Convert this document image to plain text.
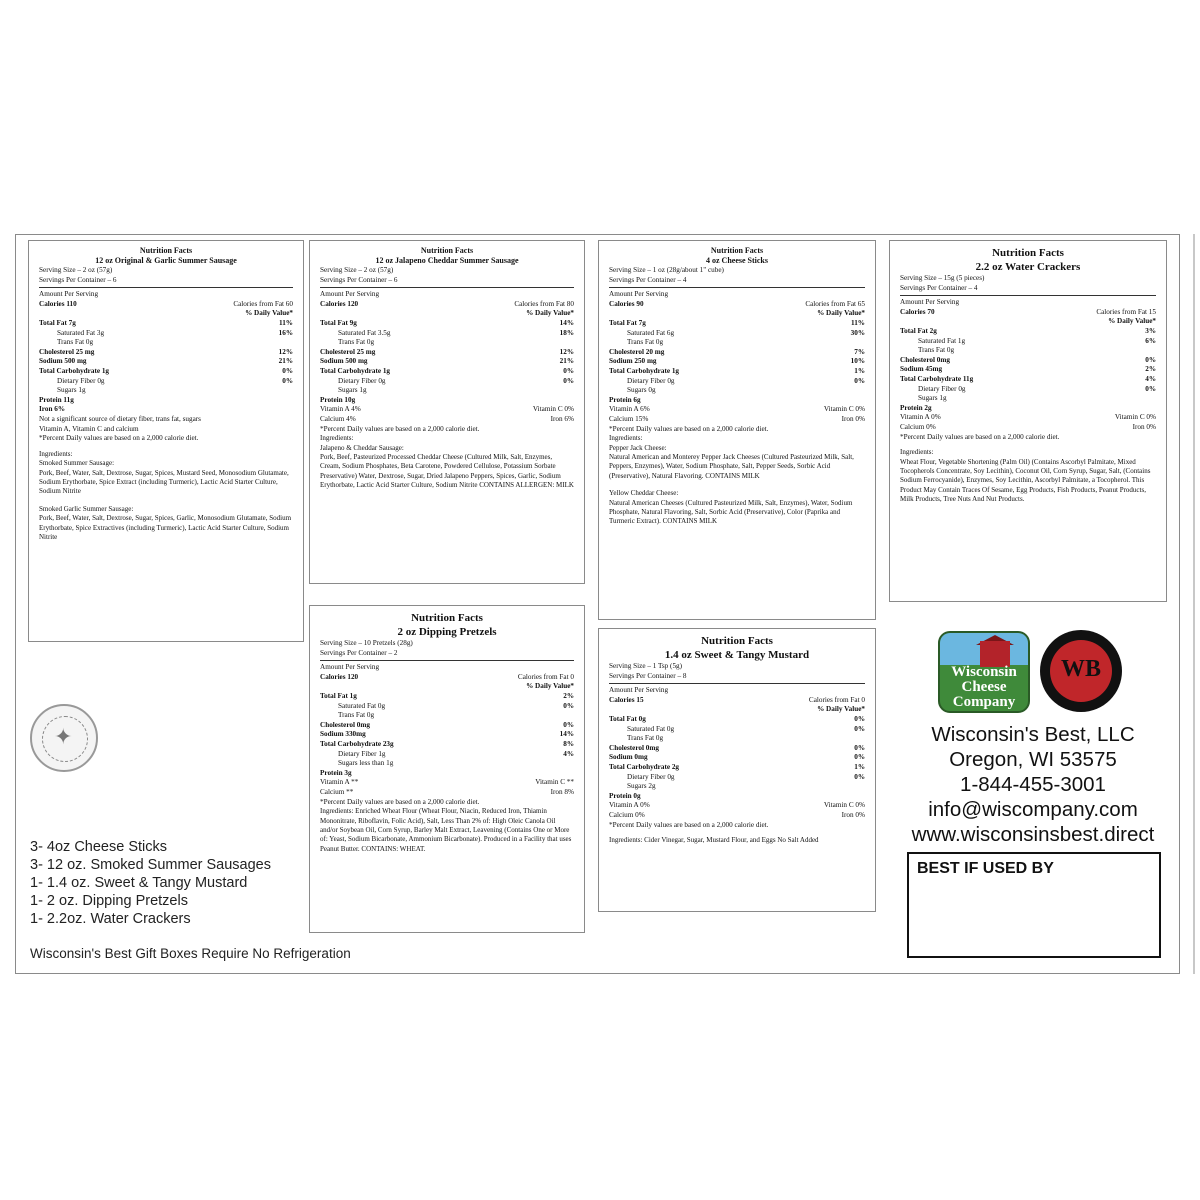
Nutrition Facts
12 oz Original & Garlic Summer Sausage
Serving Size – 2 oz (57g)
Servings Per Container – 6
Amount Per Serving
Calories 110	Calories from Fat 60
% Daily Value*
Total Fat 7g	11%
Saturated Fat 3g	16%
Trans Fat 0g
Cholesterol 25 mg	12%
Sodium 500 mg	21%
Total Carbohydrate 1g	0%
Dietary Fiber 0g	0%
Sugars 1g
Protein 11g
Iron 6%
Not a significant source of dietary fiber, trans fat, sugars
Vitamin A, Vitamin C and calcium
*Percent Daily values are based on a 2,000 calorie diet.

Ingredients:

Smoked Summer Sausage:

Pork, Beef, Water, Salt, Dextrose, Sugar, Spices, Mustard Seed, Monosodium Glutamate, Sodium Erythorbate, Spice Extract (including Turmeric), Lactic Acid Starter Culture, Sodium Nitrite

Smoked Garlic Summer Sausage:

Pork, Beef, Water, Salt, Dextrose, Sugar, Spices, Garlic, Monosodium Glutamate, Sodium Erythorbate, Spice Extractives (including Turmeric), Lactic Acid Starter Culture, Sodium Nitrite

Nutrition Facts
12 oz Jalapeno Cheddar Summer Sausage
Serving Size – 2 oz (57g)
Servings Per Container – 6
Amount Per Serving
Calories 120	Calories from Fat 80
% Daily Value*
Total Fat 9g	14%
Saturated Fat 3.5g	18%
Trans Fat 0g
Cholesterol 25 mg	12%
Sodium 500 mg	21%
Total Carbohydrate 1g	0%
Dietary Fiber 0g	0%
Sugars 1g
Protein 10g
Vitamin A 4%	Vitamin C 0%
Calcium 4%	Iron 6%
*Percent Daily values are based on a 2,000 calorie diet.

Ingredients:

Jalapeno & Cheddar Sausage:

Pork, Beef, Pasteurized Processed Cheddar Cheese (Cultured Milk, Salt, Enzymes, Cream, Sodium Phosphates, Beta Carotene, Powdered Cellulose, Potassium Sorbate Preservative) Water, Dextrose, Sugar, Dried Jalapeno Peppers, Spices, Garlic, Sodium Erythorbate, Lactic Acid Starter Culture, Sodium Nitrite CONTAINS ALLERGEN: MILK

Nutrition Facts
4 oz Cheese Sticks
Serving Size – 1 oz (28g/about 1" cube)
Servings Per Container – 4
Amount Per Serving
Calories 90	Calories from Fat 65
% Daily Value*
Total Fat 7g	11%
Saturated Fat 6g	30%
Trans Fat 0g
Cholesterol 20 mg	7%
Sodium 250 mg	10%
Total Carbohydrate 1g	1%
Dietary Fiber 0g	0%
Sugars 0g
Protein 6g
Vitamin A 6%	Vitamin C 0%
Calcium 15%	Iron 0%
*Percent Daily values are based on a 2,000 calorie diet.

Ingredients:

Pepper Jack Cheese:

Natural American and Monterey Pepper Jack Cheeses (Cultured Pasteurized Milk, Salt, Peppers, Enzymes), Water, Sodium Phosphate, Salt, Pepper Seeds, Sorbic Acid (Preservative), Natural Flavoring. CONTAINS MILK

Yellow Cheddar Cheese:

Natural American Cheeses (Cultured Pasteurized Milk, Salt, Enzymes), Water, Sodium Phosphate, Natural Flavoring, Salt, Sorbic Acid (Preservative), Color (Paprika and Turmeric Extract). CONTAINS MILK

Nutrition Facts
2.2 oz Water Crackers
Serving Size – 15g (5 pieces)
Servings Per Container – 4
Amount Per Serving
Calories 70	Calories from Fat 15
% Daily Value*
Total Fat 2g	3%
Saturated Fat 1g	6%
Trans Fat 0g
Cholesterol 0mg	0%
Sodium 45mg	2%
Total Carbohydrate 11g	4%
Dietary Fiber 0g	0%
Sugars 1g
Protein 2g
Vitamin A 0%	Vitamin C 0%
Calcium 0%	Iron 0%
*Percent Daily values are based on a 2,000 calorie diet.

Ingredients:

Wheat Flour, Vegetable Shortening (Palm Oil) (Contains Ascorbyl Palmitate, Mixed Tocopherols Concentrate, Soy Lecithin), Coconut Oil, Corn Syrup, Sugar, Salt, (Contains Sodium Ferrocyanide), Enzymes, Soy Lecithin, Ascorbyl Palmitate, a Tocopherol. This Product May Contain Traces Of Sesame, Egg Products, Fish Products, Peanut Products, Milk Products, Tree Nuts And Nut Products.

Nutrition Facts
2 oz Dipping Pretzels
Serving Size – 10 Pretzels (28g)
Servings Per Container – 2
Amount Per Serving
Calories 120	Calories from Fat 0
% Daily Value*
Total Fat 1g	2%
Saturated Fat 0g	0%
Trans Fat 0g
Cholesterol 0mg	0%
Sodium 330mg	14%
Total Carbohydrate 23g	8%
Dietary Fiber 1g	4%
Sugars less than 1g
Protein 3g
Vitamin A **	Vitamin C **
Calcium **	Iron 8%
*Percent Daily values are based on a 2,000 calorie diet.

Ingredients: Enriched Wheat Flour (Wheat Flour, Niacin, Reduced Iron, Thiamin Mononitrate, Riboflavin, Folic Acid), Salt, Less Than 2% of: High Oleic Canola Oil and/or Soybean Oil, Corn Syrup, Barley Malt Extract, Leavening (Contains One or More of: Yeast, Sodium Bicarbonate, Ammonium Bicarbonate). Produced in a Facility that uses Peanut Butter. CONTAINS: WHEAT.

Nutrition Facts
1.4 oz Sweet & Tangy Mustard
Serving Size – 1 Tsp (5g)
Servings Per Container – 8
Amount Per Serving
Calories 15	Calories from Fat 0
% Daily Value*
Total Fat 0g	0%
Saturated Fat 0g	0%
Trans Fat 0g
Cholesterol 0mg	0%
Sodium 0mg	0%
Total Carbohydrate 2g	1%
Dietary Fiber 0g	0%
Sugars 2g
Protein 0g
Vitamin A 0%	Vitamin C 0%
Calcium 0%	Iron 0%
*Percent Daily values are based on a 2,000 calorie diet.

Ingredients: Cider Vinegar, Sugar, Mustard Flour, and Eggs No Salt Added

✦
3- 4oz Cheese Sticks
3- 12 oz. Smoked Summer Sausages
1- 1.4 oz. Sweet & Tangy Mustard
1- 2 oz. Dipping Pretzels
1- 2.2oz. Water Crackers
Wisconsin's Best Gift Boxes Require No Refrigeration
Wisconsin
Cheese
Company
WB
Wisconsin's Best, LLC
Oregon, WI 53575
1-844-455-3001
info@wiscompany.com
www.wisconsinsbest.direct
BEST IF USED BY
